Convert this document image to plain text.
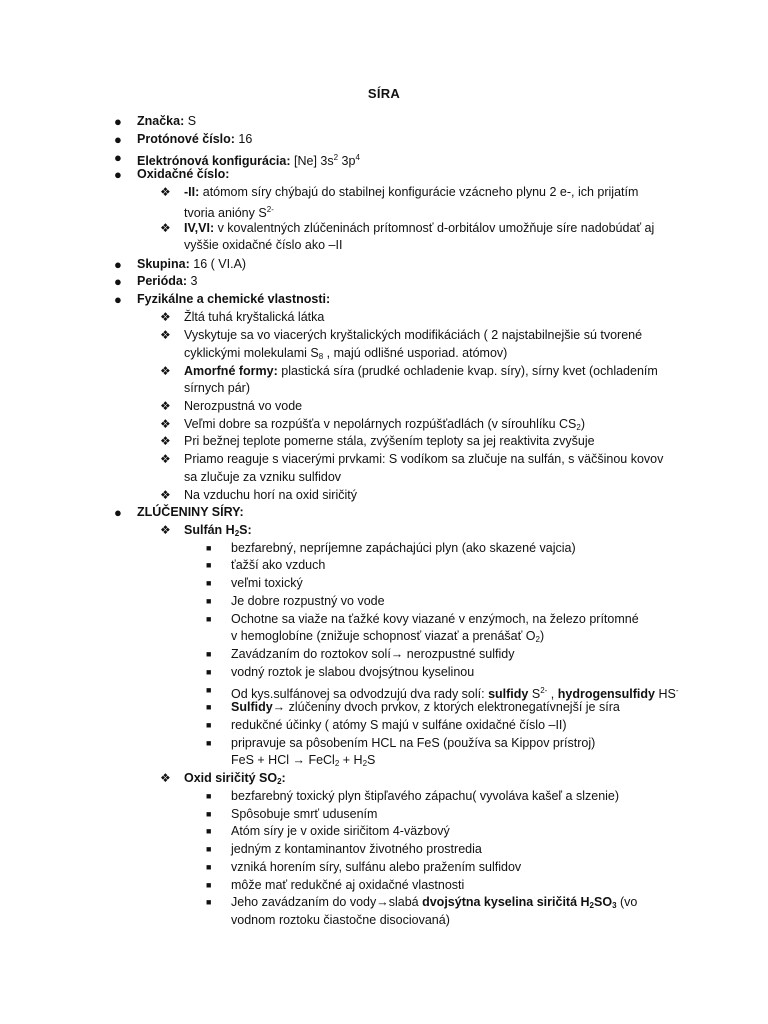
SÍRA
● Značka: S
● Protónové číslo: 16
● Elektrónová konfigurácia: [Ne] $3s^2$ $3p^4$
● Oxidačné číslo:
❖ -II: atómom síry chýbajú do stabilnej konfigurácie vzácneho plynu 2 e-, ich prijatím
tvoria anióny $S^{2-}$
❖ IV,VI: v kovalentných zlúčeninách prítomnosť d-orbitálov umožňuje síre nadobúdať aj
vyššie oxidačné číslo ako –II
● Skupina: 16 ( VI.A)
● Perióda: 3
● Fyzikálne a chemické vlastnosti:
❖ Žltá tuhá kryštalická látka
❖ Vyskytuje sa vo viacerých kryštalických modifikáciách ( 2 najstabilnejšie sú tvorené
cyklickými molekulami $S_8$ , majú odlišné usporiad. atómov)
❖ Amorfné formy: plastická síra (prudké ochladenie kvap. síry), sírny kvet (ochladením
sírnych pár)
❖ Nerozpustná vo vode
❖ Veľmi dobre sa rozpúšťa v nepolárnych rozpúšťadlách (v sírouhlíku $CS_2$)
❖ Pri bežnej teplote pomerne stála, zvýšením teploty sa jej reaktivita zvyšuje
❖ Priamo reaguje s viacerými prvkami: S vodíkom sa zlučuje na sulfán, s väčšinou kovov
sa zlučuje za vzniku sulfidov
❖ Na vzduchu horí na oxid siričitý
● ZLÚČENINY SÍRY:
❖ Sulfán $H_2S$:
■ bezfarebný, nepríjemne zapáchajúci plyn (ako skazené vajcia)
■ ťažší ako vzduch
■ veľmi toxický
■ Je dobre rozpustný vo vode
■ Ochotne sa viaže na ťažké kovy viazané v enzýmoch, na železo prítomné
v hemoglobíne (znižuje schopnosť viazať a prenášať $O_2$)
■ Zavádzaním do roztokov solí→ nerozpustné sulfidy
■ vodný roztok je slabou dvojsýtnou kyselinou
■ Od kys.sulfánovej sa odvodzujú dva rady solí: sulfidy $S^{2-}$ , hydrogensulfidy HS-
■ Sulfidy→ zlúčeniny dvoch prvkov, z ktorých elektronegatívnejší je síra
■ redukčné účinky ( atómy S majú v sulfáne oxidačné číslo –II)
■ pripravuje sa pôsobením HCL na FeS (používa sa Kippov prístroj)
FeS + HCl → FeCl$_2$ + $H_2S$
❖ Oxid siričitý $SO_2$:
■ bezfarebný toxický plyn štipľavého zápachu( vyvoláva kašeľ a slzenie)
■ Spôsobuje smrť udusením
■ Atóm síry je v oxide siričitom 4-väzbový
■ jedným z kontaminantov životného prostredia
■ vzniká horením síry, sulfánu alebo pražením sulfidov
■ môže mať redukčné aj oxidačné vlastnosti
■ Jeho zavádzaním do vody→slabá dvojsýtna kyselina siričitá $H_2SO_3$ (vo
vodnom roztoku čiastočne disociovaná)
